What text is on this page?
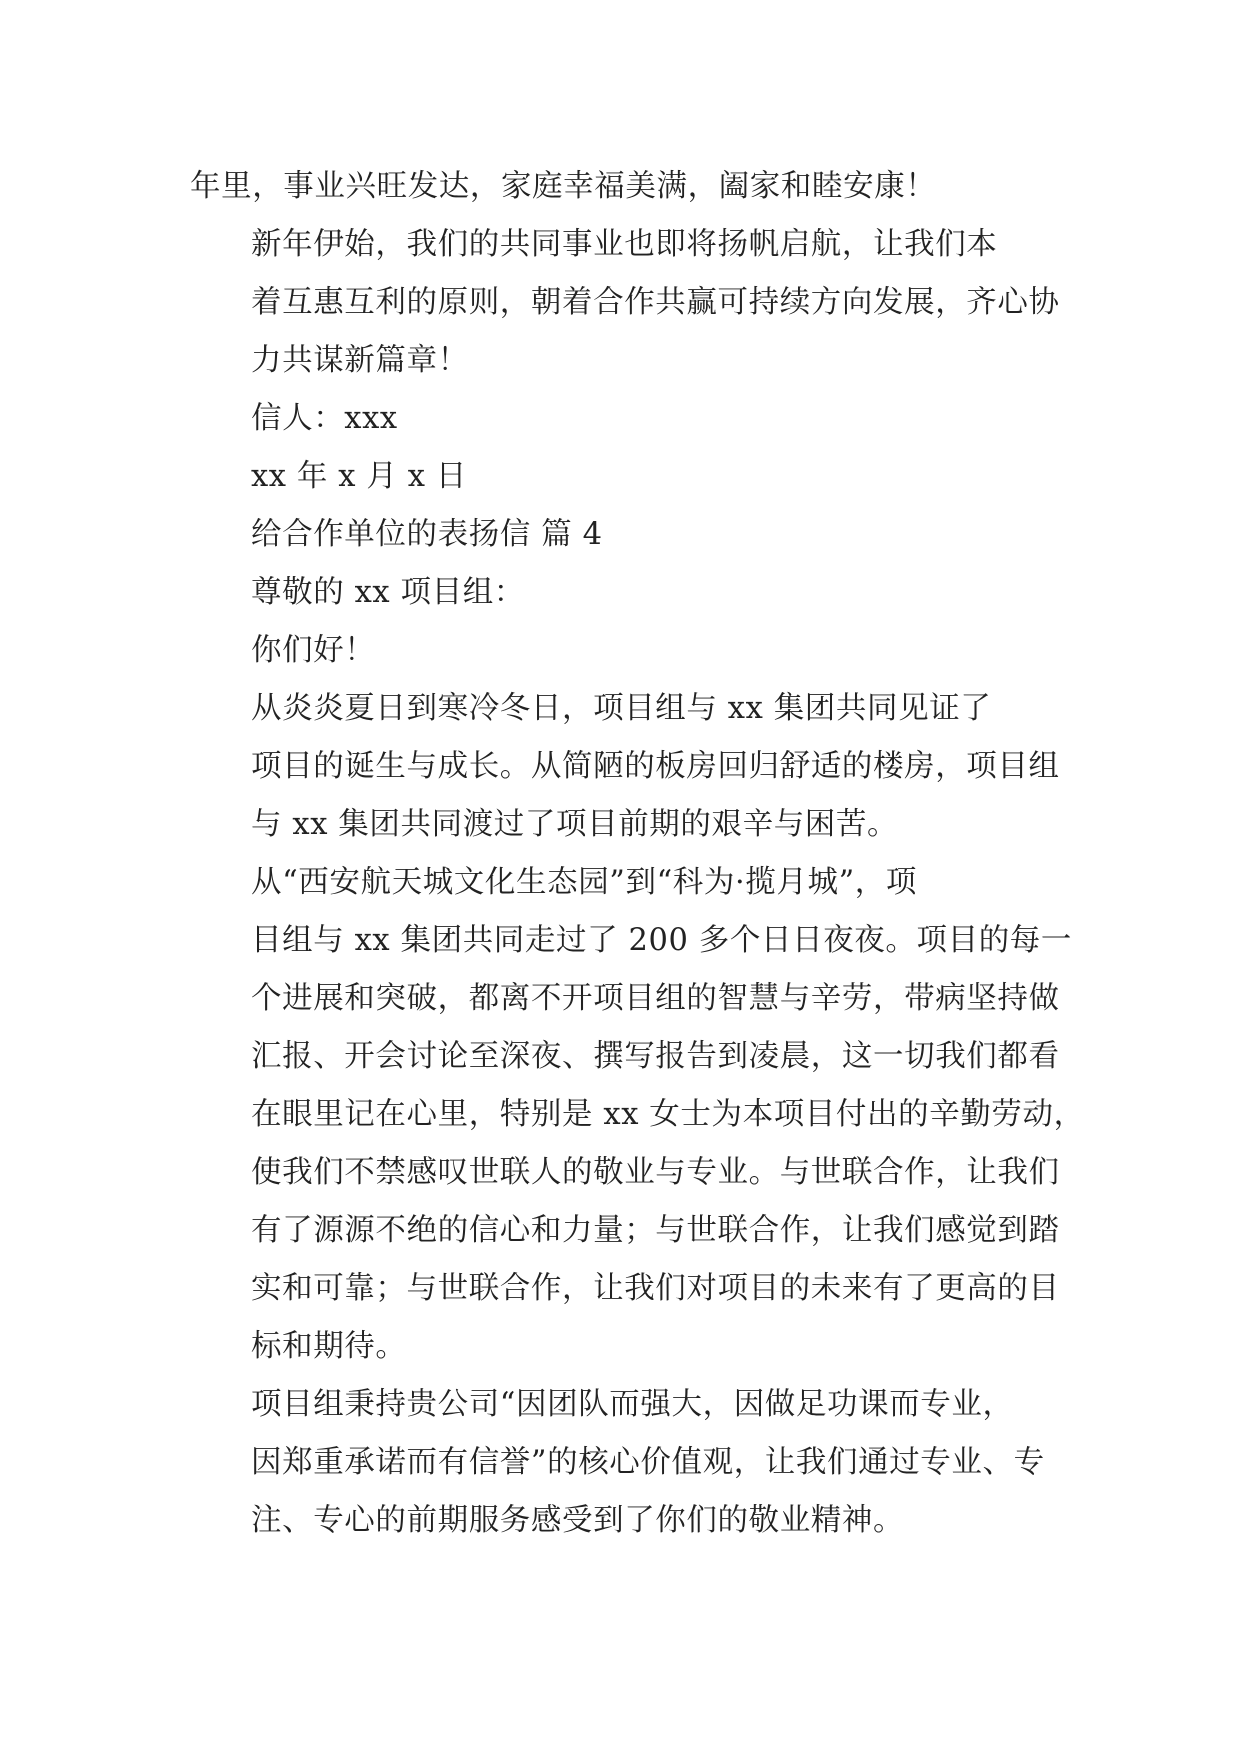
年里，事业兴旺发达，家庭幸福美满，阖家和睦安康！

新年伊始，我们的共同事业也即将扬帆启航，让我们本
着互惠互利的原则，朝着合作共赢可持续方向发展，齐心协
力共谋新篇章！

信人：xxx

xx 年 x 月 x 日

给合作单位的表扬信 篇 4

尊敬的 xx 项目组：

你们好！

从炎炎夏日到寒冷冬日，项目组与 xx 集团共同见证了
项目的诞生与成长。从简陋的板房回归舒适的楼房，项目组
与 xx 集团共同渡过了项目前期的艰辛与困苦。

从“西安航天城文化生态园”到“科为·揽月城”，项
目组与 xx 集团共同走过了 200 多个日日夜夜。项目的每一
个进展和突破，都离不开项目组的智慧与辛劳，带病坚持做
汇报、开会讨论至深夜、撰写报告到凌晨，这一切我们都看
在眼里记在心里，特别是 xx 女士为本项目付出的辛勤劳动，
使我们不禁感叹世联人的敬业与专业。与世联合作，让我们
有了源源不绝的信心和力量；与世联合作，让我们感觉到踏
实和可靠；与世联合作，让我们对项目的未来有了更高的目
标和期待。

项目组秉持贵公司“因团队而强大，因做足功课而专业，
因郑重承诺而有信誉”的核心价值观，让我们通过专业、专
注、专心的前期服务感受到了你们的敬业精神。
